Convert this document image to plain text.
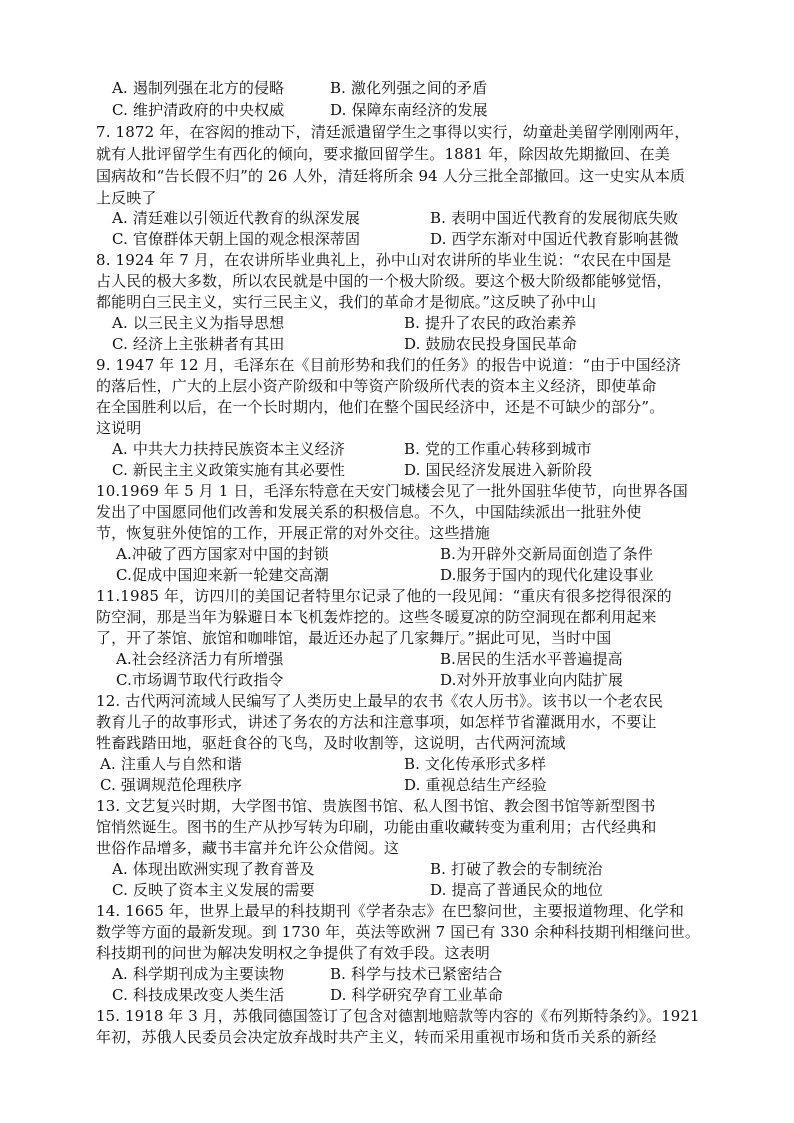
A. 遏制列强在北方的侵略	B. 激化列强之间的矛盾
C. 维护清政府的中央权威	D. 保障东南经济的发展
7. 1872 年，在容闳的推动下，清廷派遣留学生之事得以实行，幼童赴美留学刚刚两年，
就有人批评留学生有西化的倾向，要求撤回留学生。1881 年，除因故先期撤回、在美
国病故和“告长假不归”的 26 人外，清廷将所余 94 人分三批全部撤回。这一史实从本质
上反映了
A. 清廷难以引领近代教育的纵深发展	B. 表明中国近代教育的发展彻底失败
C. 官僚群体天朝上国的观念根深蒂固	D. 西学东渐对中国近代教育影响甚微
8. 1924 年 7 月，在农讲所毕业典礼上，孙中山对农讲所的毕业生说：“农民在中国是
占人民的极大多数，所以农民就是中国的一个极大阶级。要这个极大阶级都能够觉悟，
都能明白三民主义，实行三民主义，我们的革命才是彻底。”这反映了孙中山
A. 以三民主义为指导思想	B. 提升了农民的政治素养
C. 经济上主张耕者有其田	D. 鼓励农民投身国民革命
9. 1947 年 12 月，毛泽东在《目前形势和我们的任务》的报告中说道：“由于中国经济
的落后性，广大的上层小资产阶级和中等资产阶级所代表的资本主义经济，即使革命
在全国胜利以后，在一个长时期内，他们在整个国民经济中，还是不可缺少的部分”。
这说明
A. 中共大力扶持民族资本主义经济	B. 党的工作重心转移到城市
C. 新民主主义政策实施有其必要性	D. 国民经济发展进入新阶段
10.1969 年 5 月 1 日，毛泽东特意在天安门城楼会见了一批外国驻华使节，向世界各国
发出了中国愿同他们改善和发展关系的积极信息。不久，中国陆续派出一批驻外使
节，恢复驻外使馆的工作，开展正常的对外交往。这些措施
A.冲破了西方国家对中国的封锁	B.为开辟外交新局面创造了条件
C.促成中国迎来新一轮建交高潮	D.服务于国内的现代化建设事业
11.1985 年，访四川的美国记者特里尔记录了他的一段见闻：“重庆有很多挖得很深的
防空洞，那是当年为躲避日本飞机轰炸挖的。这些冬暖夏凉的防空洞现在都利用起来
了，开了茶馆、旅馆和咖啡馆，最近还办起了几家舞厅。”据此可见，当时中国
A.社会经济活力有所增强	B.居民的生活水平普遍提高
C.市场调节取代行政指令	D.对外开放事业向内陆扩展
12. 古代两河流域人民编写了人类历史上最早的农书《农人历书》。该书以一个老农民
教育儿子的故事形式，讲述了务农的方法和注意事项，如怎样节省灌溉用水，不要让
牲畜践踏田地，驱赶食谷的飞鸟，及时收割等，这说明，古代两河流域
A. 注重人与自然和谐	B. 文化传承形式多样
C. 强调规范伦理秩序	D. 重视总结生产经验
13. 文艺复兴时期，大学图书馆、贵族图书馆、私人图书馆、教会图书馆等新型图书
馆悄然诞生。图书的生产从抄写转为印刷，功能由重收藏转变为重利用；古代经典和
世俗作品增多，藏书丰富并允许公众借阅。这
A. 体现出欧洲实现了教育普及	B. 打破了教会的专制统治
C. 反映了资本主义发展的需要	D. 提高了普通民众的地位
14. 1665 年，世界上最早的科技期刊《学者杂志》在巴黎问世，主要报道物理、化学和
数学等方面的最新发现。到 1730 年，英法等欧洲 7 国已有 330 余种科技期刊相继问世。
科技期刊的问世为解决发明权之争提供了有效手段。这表明
A. 科学期刊成为主要读物	B. 科学与技术已紧密结合
C. 科技成果改变人类生活	D. 科学研究孕育工业革命
15. 1918 年 3 月，苏俄同德国签订了包含对德割地赔款等内容的《布列斯特条约》。1921
年初，苏俄人民委员会决定放弃战时共产主义，转而采用重视市场和货币关系的新经
